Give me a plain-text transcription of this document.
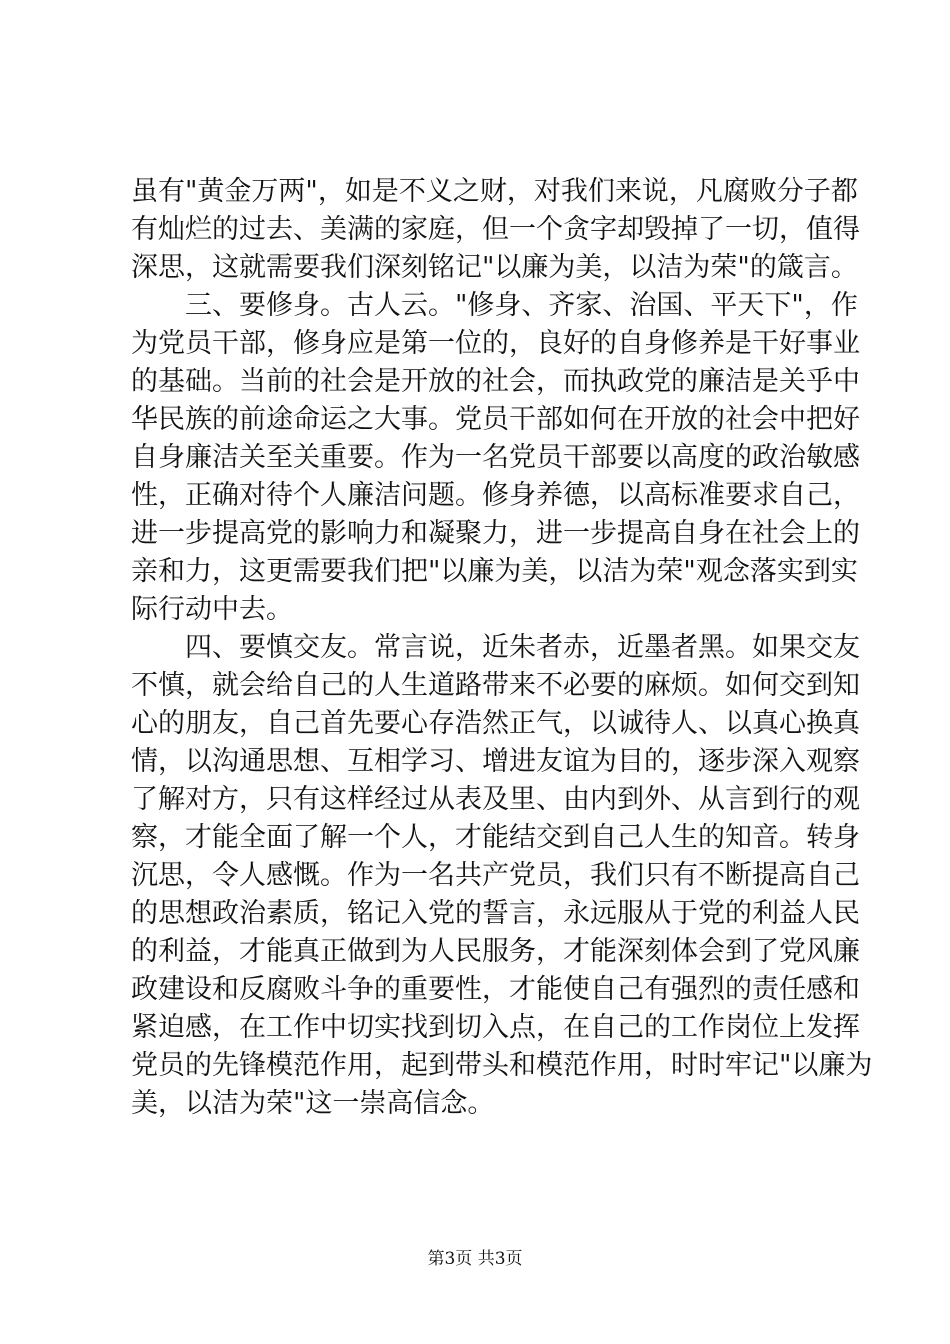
虽有"黄金万两"，如是不义之财，对我们来说，凡腐败分子都
有灿烂的过去、美满的家庭，但一个贪字却毁掉了一切，值得
深思，这就需要我们深刻铭记"以廉为美，以洁为荣"的箴言。
　　三、要修身。古人云。"修身、齐家、治国、平天下"，作
为党员干部，修身应是第一位的，良好的自身修养是干好事业
的基础。当前的社会是开放的社会，而执政党的廉洁是关乎中
华民族的前途命运之大事。党员干部如何在开放的社会中把好
自身廉洁关至关重要。作为一名党员干部要以高度的政治敏感
性，正确对待个人廉洁问题。修身养德，以高标准要求自己，
进一步提高党的影响力和凝聚力，进一步提高自身在社会上的
亲和力，这更需要我们把"以廉为美，以洁为荣"观念落实到实
际行动中去。
　　四、要慎交友。常言说，近朱者赤，近墨者黑。如果交友
不慎，就会给自己的人生道路带来不必要的麻烦。如何交到知
心的朋友，自己首先要心存浩然正气，以诚待人、以真心换真
情，以沟通思想、互相学习、增进友谊为目的，逐步深入观察
了解对方，只有这样经过从表及里、由内到外、从言到行的观
察，才能全面了解一个人，才能结交到自己人生的知音。转身
沉思，令人感慨。作为一名共产党员，我们只有不断提高自己
的思想政治素质，铭记入党的誓言，永远服从于党的利益人民
的利益，才能真正做到为人民服务，才能深刻体会到了党风廉
政建设和反腐败斗争的重要性，才能使自己有强烈的责任感和
紧迫感，在工作中切实找到切入点，在自己的工作岗位上发挥
党员的先锋模范作用，起到带头和模范作用，时时牢记"以廉为
美，以洁为荣"这一崇高信念。
第3页 共3页
